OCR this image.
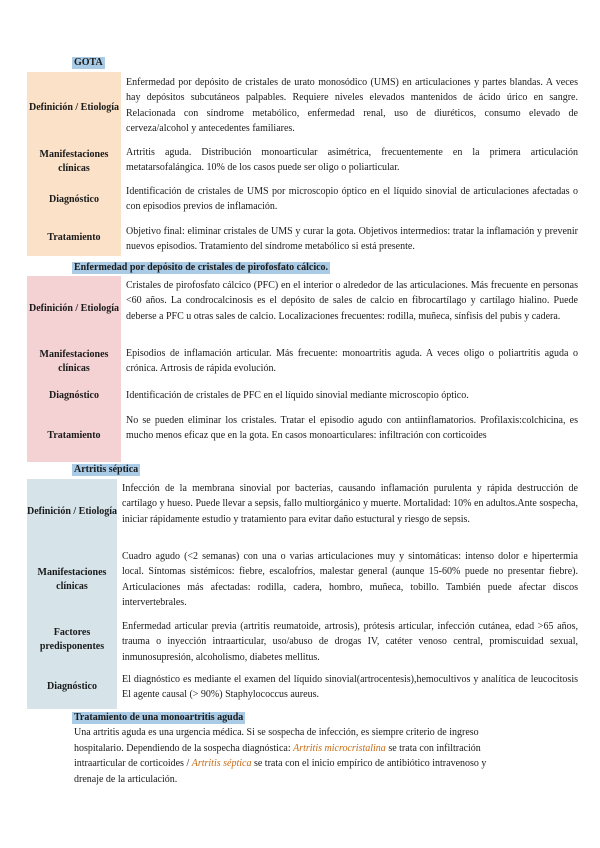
GOTA
Definición / Etiología
Enfermedad por depósito de cristales de urato monosódico (UMS) en articulaciones y partes blandas. A veces hay depósitos subcutáneos palpables. Requiere niveles elevados mantenidos de ácido úrico en sangre. Relacionada con síndrome metabólico, enfermedad renal, uso de diuréticos, consumo elevado de cerveza/alcohol y antecedentes familiares.
Manifestaciones clínicas
Artritis aguda. Distribución monoarticular asimétrica, frecuentemente en la primera articulación metatarsofalángica. 10% de los casos puede ser oligo o poliarticular.
Diagnóstico
Identificación de cristales de UMS por microscopio óptico en el líquido sinovial de articulaciones afectadas o con episodios previos de inflamación.
Tratamiento
Objetivo final: eliminar cristales de UMS y curar la gota. Objetivos intermedios: tratar la inflamación y prevenir nuevos episodios. Tratamiento del síndrome metabólico si está presente.
Enfermedad por depósito de cristales de pirofosfato cálcico.
Definición / Etiología
Cristales de pirofosfato cálcico (PFC) en el interior o alrededor de las articulaciones. Más frecuente en personas <60 años. La condrocalcinosis es el depósito de sales de calcio en fibrocartílago y cartílago hialino. Puede deberse a PFC u otras sales de calcio. Localizaciones frecuentes: rodilla, muñeca, sínfisis del pubis y cadera.
Manifestaciones clínicas
Episodios de inflamación articular. Más frecuente: monoartritis aguda. A veces oligo o poliartritis aguda o crónica. Artrosis de rápida evolución.
Diagnóstico	Identificación de cristales de PFC en el líquido sinovial mediante microscopio óptico.
Tratamiento
No se pueden eliminar los cristales. Tratar el episodio agudo con antiinflamatorios. Profilaxis:colchicina, es mucho menos eficaz que en la gota. En casos monoarticulares: infiltración con corticoides
Artritis séptica
Definición / Etiología
Infección de la membrana sinovial por bacterias, causando inflamación purulenta y rápida destrucción de cartílago y hueso. Puede llevar a sepsis, fallo multiorgánico y muerte. Mortalidad: 10% en adultos.Ante sospecha, iniciar rápidamente estudio y tratamiento para evitar daño estuctural y riesgo de sepsis.
Manifestaciones clínicas
Cuadro agudo (<2 semanas) con una o varias articulaciones muy y sintomáticas: intenso dolor e hipertermia local. Síntomas sistémicos: fiebre, escalofríos, malestar general (aunque 15-60% puede no presentar fiebre). Articulaciones más afectadas: rodilla, cadera, hombro, muñeca, tobillo. También puede afectar discos intervertebrales.
Factores predisponentes
Enfermedad articular previa (artritis reumatoide, artrosis), prótesis articular, infección cutánea, edad >65 años, trauma o inyección intraarticular, uso/abuso de drogas IV, catéter venoso central, promiscuidad sexual, inmunosupresión, alcoholismo, diabetes mellitus.
Diagnóstico
El diagnóstico es mediante el examen del líquido sinovial(artrocentesis),hemocultivos y analítica de leucocitosis El agente causal (> 90%) Staphylococcus aureus.
Tratamiento de una monoartritis aguda
Una artritis aguda es una urgencia médica. Si se sospecha de infección, es siempre criterio de ingreso hospitalario. Dependiendo de la sospecha diagnóstica: Artritis microcristalina se trata con infiltración intraarticular de corticoides / Artritis séptica se trata con el inicio empírico de antibiótico intravenoso y drenaje de la articulación.
